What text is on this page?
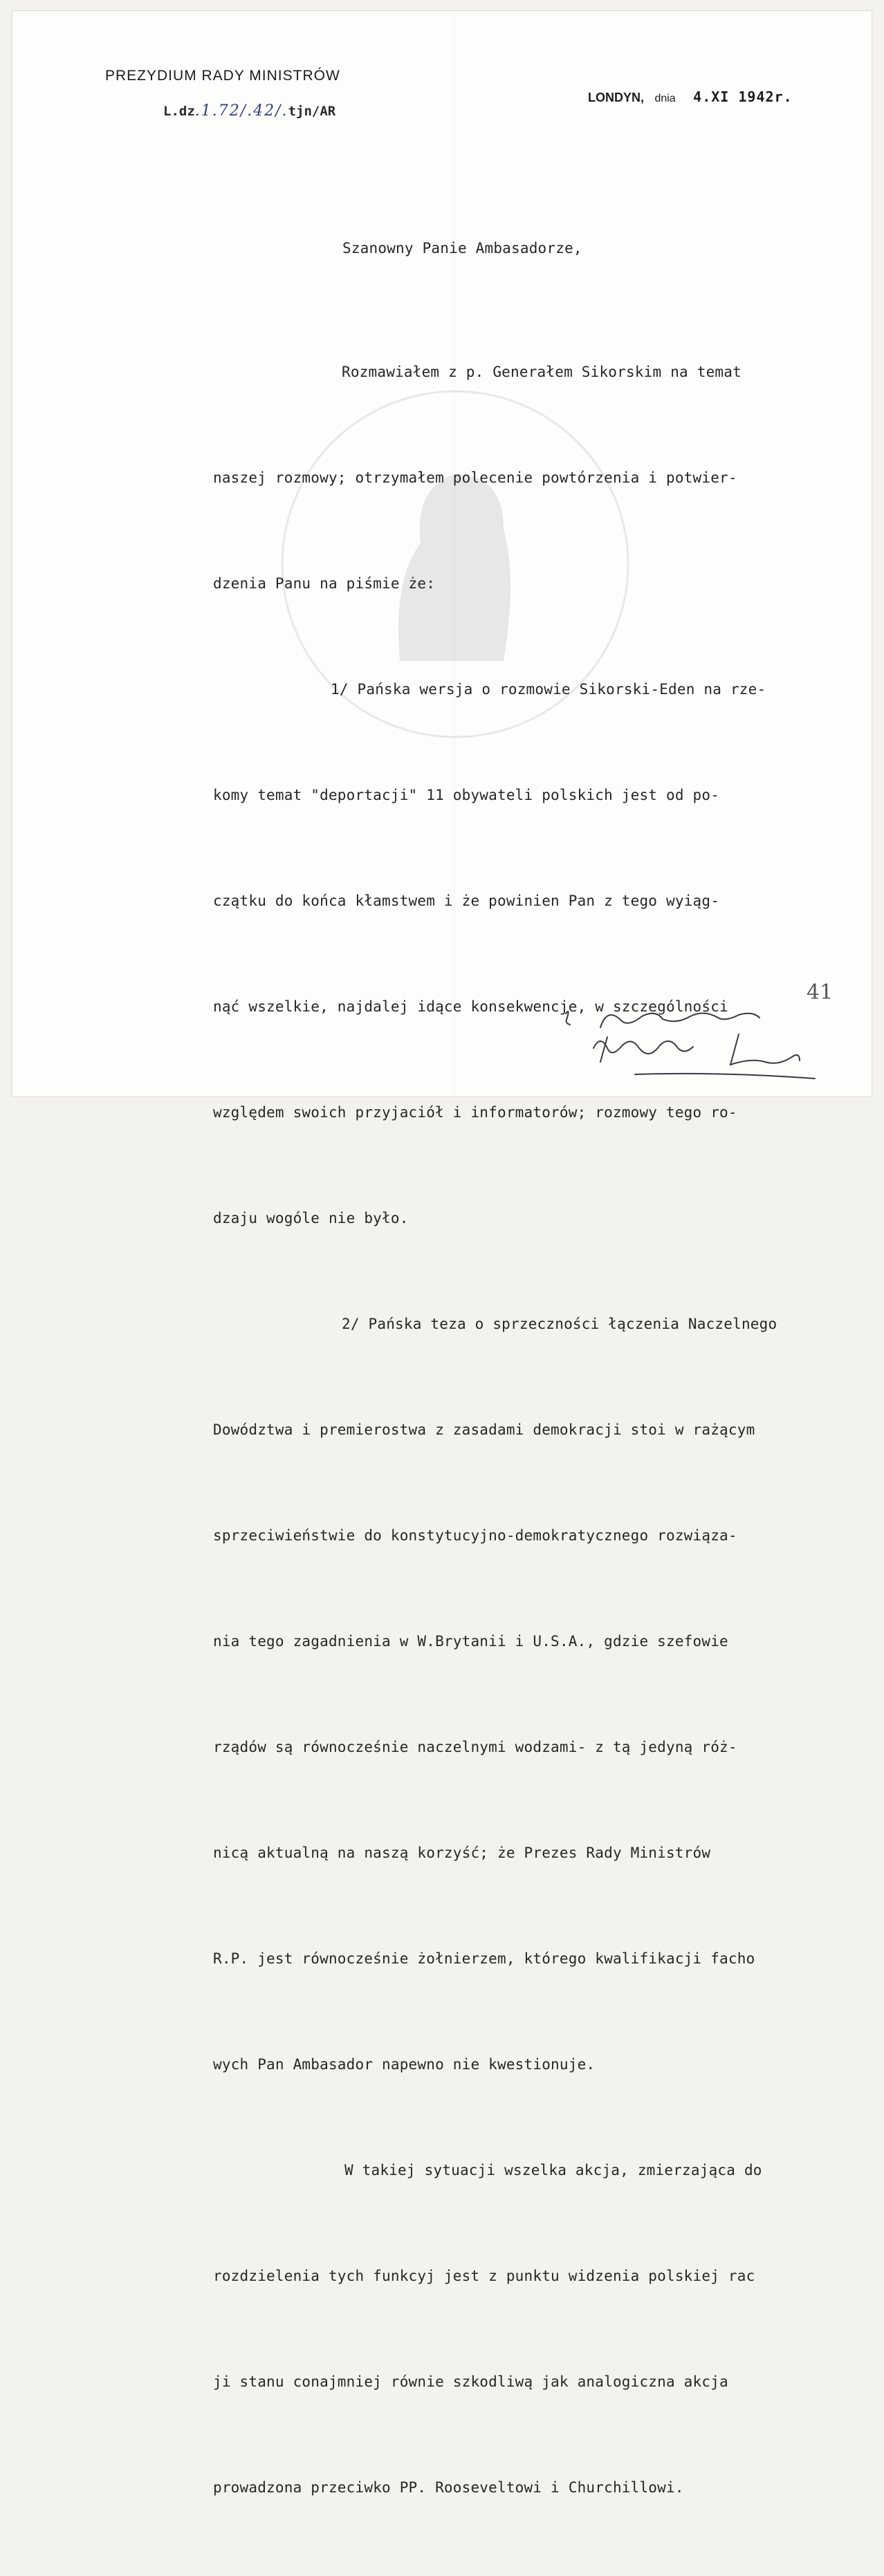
PREZYDIUM RADY MINISTRÓW
L.dz.1.72/.42/.tjn/AR
LONDYN, dnia 4.XI 1942r.
Szanowny Panie Ambasadorze,

Rozmawiałem z p. Generałem Sikorskim na temat

naszej rozmowy; otrzymałem polecenie powtórzenia i potwier-

dzenia Panu na piśmie że:

1/ Pańska wersja o rozmowie Sikorski-Eden na rze-

komy temat "deportacji" 11 obywateli polskich jest od po-

czątku do końca kłamstwem i że powinien Pan z tego wyiąg-

nąć wszelkie, najdalej idące konsekwencje, w szczególności

względem swoich przyjaciół i informatorów; rozmowy tego ro-

dzaju wogóle nie było.

2/ Pańska teza o sprzeczności łączenia Naczelnego

Dowództwa i premierostwa z zasadami demokracji stoi w rażącym

sprzeciwieństwie do konstytucyjno-demokratycznego rozwiąza-

nia tego zagadnienia w W.Brytanii i U.S.A., gdzie szefowie

rządów są równocześnie naczelnymi wodzami- z tą jedyną róż-

nicą aktualną na naszą korzyść; że Prezes Rady Ministrów

R.P. jest równocześnie żołnierzem, którego kwalifikacji facho

wych Pan Ambasador napewno nie kwestionuje.

W takiej sytuacji wszelka akcja, zmierzająca do

rozdzielenia tych funkcyj jest z punktu widzenia polskiej rac

ji stanu conajmniej równie szkodliwą jak analogiczna akcja

prowadzona przeciwko PP. Rooseveltowi i Churchillowi.

41
